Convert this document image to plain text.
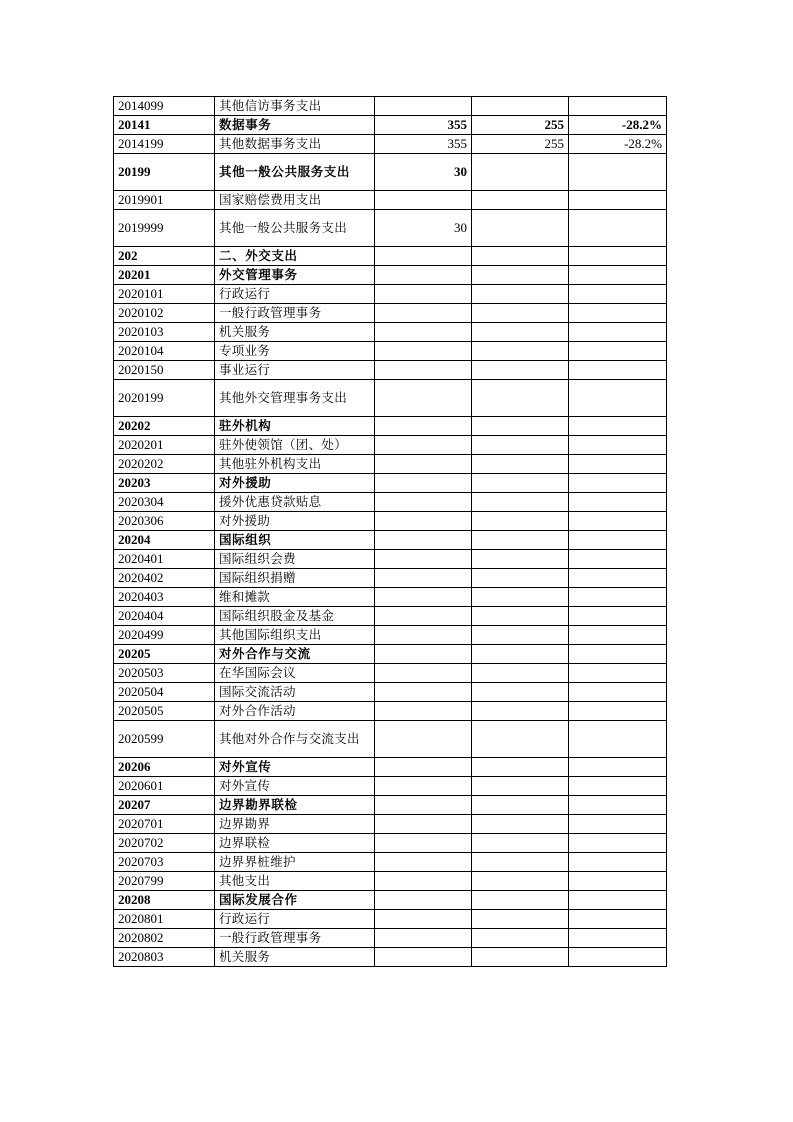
2014099	其他信访事务支出			
20141	数据事务	355	255	-28.2%
2014199	其他数据事务支出	355	255	-28.2%
20199	其他一般公共服务支出	30		
2019901	国家赔偿费用支出			
2019999	其他一般公共服务支出	30		
202	二、外交支出			
20201	外交管理事务			
2020101	行政运行			
2020102	一般行政管理事务			
2020103	机关服务			
2020104	专项业务			
2020150	事业运行			
2020199	其他外交管理事务支出			
20202	驻外机构			
2020201	驻外使领馆（团、处）			
2020202	其他驻外机构支出			
20203	对外援助			
2020304	援外优惠贷款贴息			
2020306	对外援助			
20204	国际组织			
2020401	国际组织会费			
2020402	国际组织捐赠			
2020403	维和摊款			
2020404	国际组织股金及基金			
2020499	其他国际组织支出			
20205	对外合作与交流			
2020503	在华国际会议			
2020504	国际交流活动			
2020505	对外合作活动			
2020599	其他对外合作与交流支出			
20206	对外宣传			
2020601	对外宣传			
20207	边界勘界联检			
2020701	边界勘界			
2020702	边界联检			
2020703	边界界桩维护			
2020799	其他支出			
20208	国际发展合作			
2020801	行政运行			
2020802	一般行政管理事务			
2020803	机关服务			
